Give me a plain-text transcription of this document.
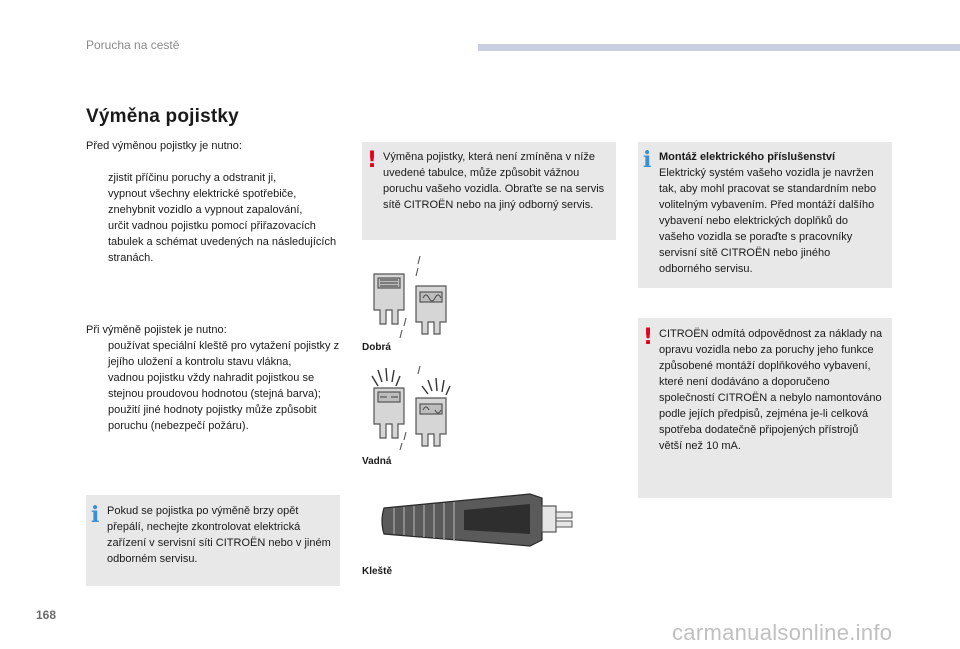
Porucha na cestě
Výměna pojistky

Před výměnou pojistky je nutno:

zjistit příčinu poruchy a odstranit ji,
vypnout všechny elektrické spotřebiče,
znehybnit vozidlo a vypnout zapalování,
určit vadnou pojistku pomocí přiřazovacích tabulek a schémat uvedených na následujících stranách.

Při výměně pojistek je nutno:

používat speciální kleště pro vytažení pojistky z jejího uložení a kontrolu stavu vlákna,
vadnou pojistku vždy nahradit pojistkou se stejnou proudovou hodnotou (stejná barva); použití jiné hodnoty pojistky může způsobit poruchu (nebezpečí požáru).
i Pokud se pojistka po výměně brzy opět přepálí, nechejte zkontrolovat elektrická zařízení v servisní síti CITROËN nebo v jiném odborném servisu.

! Výměna pojistky, která není zmíněna v níže uvedené tabulce, může způsobit vážnou poruchu vašeho vozidla. Obraťte se na servis sítě CITROËN nebo na jiný odborný servis.

Dobrá
Vadná
Kleště
i Montáž elektrického příslušenství
Elektrický systém vašeho vozidla je navržen tak, aby mohl pracovat se standardním nebo volitelným vybavením. Před montáží dalšího vybavení nebo elektrických doplňků do vašeho vozidla se poraďte s pracovníky servisní sítě CITROËN nebo jiného odborného servisu.

! CITROËN odmítá odpovědnost za náklady na opravu vozidla nebo za poruchy jeho funkce způsobené montáží doplňkového vybavení, které není dodáváno a doporučeno společností CITROËN a nebylo namontováno podle jejích předpisů, zejména je-li celková spotřeba dodatečně připojených přístrojů větší než 10 mA.

168
carmanualsonline.info
